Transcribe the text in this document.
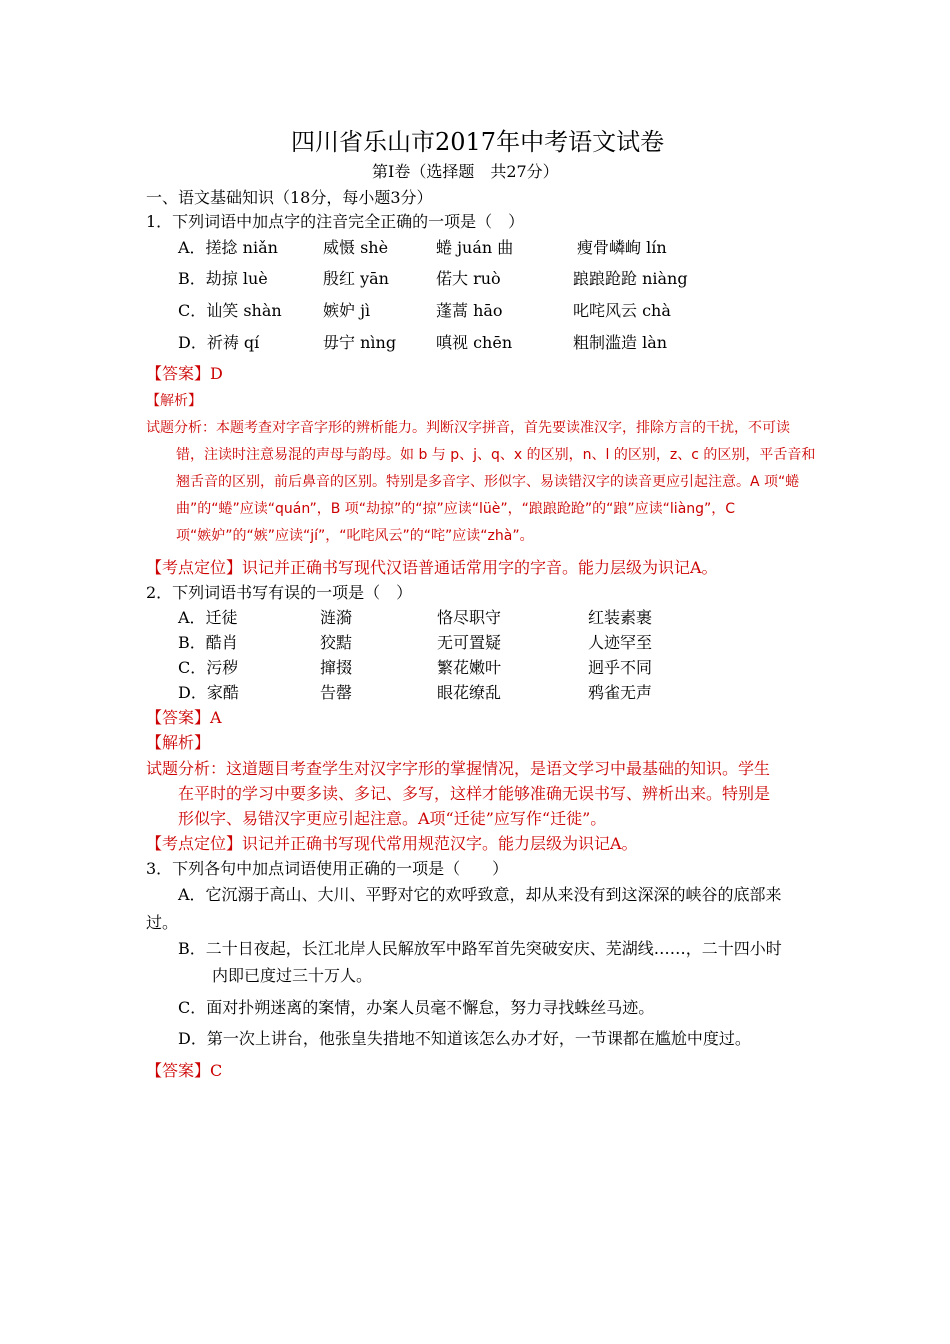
四川省乐山市2017年中考语文试卷
第Ⅰ卷（选择题　共27分）
一、语文基础知识（18分，每小题3分）
1．下列词语中加点字的注音完全正确的一项是（　）
A．搓捻 niǎn	威慑 shè	蜷 juán 曲	瘦骨嶙峋 lín
B．劫掠 luè	殷红 yān	偌大 ruò	踉踉跄跄 niàng
C．讪笑 shàn	嫉妒 jì	蓬蒿 hāo	叱咤风云 chà
D．祈祷 qí	毋宁 nìng 嗔视 chēn	粗制滥造 làn
【答案】D
【解析】
试题分析：本题考查对字音字形的辨析能力。判断汉字拼音，首先要读准汉字，排除方言的干扰，不可读
错，注读时注意易混的声母与韵母。如 b 与 p、j、q、x 的区别，n、l 的区别，z、c 的区别，平舌音和
翘舌音的区别，前后鼻音的区别。特别是多音字、形似字、易读错汉字的读音更应引起注意。A 项“蜷
曲”的“蜷”应读“quán”，B 项“劫掠”的“掠”应读“lüè”，“踉踉跄跄”的“踉”应读“liàng”，C
项“嫉妒”的“嫉”应读“jí”，“叱咤风云”的“咤”应读“zhà”。
【考点定位】识记并正确书写现代汉语普通话常用字的字音。能力层级为识记A。
2．下列词语书写有误的一项是（　）
A．迁徒	涟漪	恪尽职守	红装素裹
B．酷肖	狡黠	无可置疑	人迹罕至
C．污秽	撺掇	繁花嫩叶	迥乎不同
D．家酷	告罄	眼花缭乱	鸦雀无声
【答案】A
【解析】
试题分析：这道题目考查学生对汉字字形的掌握情况，是语文学习中最基础的知识。学生
在平时的学习中要多读、多记、多写，这样才能够准确无误书写、辨析出来。特别是
形似字、易错汉字更应引起注意。A项“迁徒”应写作“迁徙”。
【考点定位】识记并正确书写现代常用规范汉字。能力层级为识记A。
3．下列各句中加点词语使用正确的一项是（　　）
A．它沉溺于高山、大川、平野对它的欢呼致意，却从来没有到这深深的峡谷的底部来
过。
B．二十日夜起，长江北岸人民解放军中路军首先突破安庆、芜湖线……，二十四小时
内即已度过三十万人。
C．面对扑朔迷离的案情，办案人员毫不懈怠，努力寻找蛛丝马迹。
D．第一次上讲台，他张皇失措地不知道该怎么办才好，一节课都在尴尬中度过。
【答案】C
